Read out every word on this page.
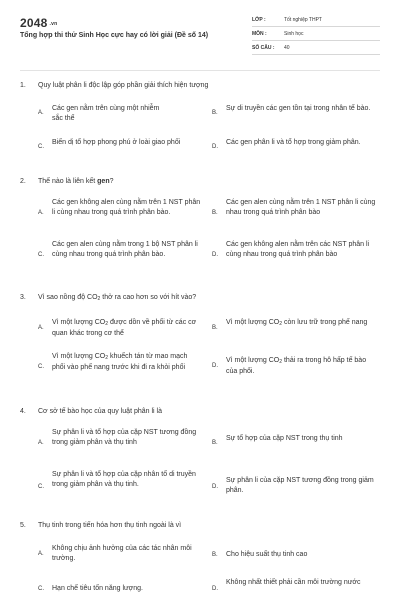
2048 .vn
Tổng hợp thi thử Sinh Học cực hay có lời giải (Đề số 14)
LỚP :	Tốt nghiệp THPT
MÔN :	Sinh học
SỐ CÂU : 40
1. Quy luật phân li độc lập góp phần giải thích hiện tượng
A.
Các gen nằm trên cùng một nhiễm sắc thể
B.
Sự di truyền các gen tồn tại trong nhân tế bào.
C.
Biến dị tổ hợp phong phú ở loài giao phối
D.
Các gen phân li và tổ hợp trong giảm phân.
2. Thế nào là liên kết gen?
A.
Các gen không alen cùng nằm trên 1 NST phân li cùng nhau trong quá trình phân bào.	B.
Các gen alen cùng nằm trên 1 NST phân li cùng nhau trong quá trình phân bào
C.
Các gen alen cùng nằm trong 1 bộ NST phân li cùng nhau trong quá trình phân bào.	D.
Các gen không alen nằm trên các NST phân li cùng nhau trong quá trình phân bào
3. Vì sao nồng độ $CO_2$ thở ra cao hơn so với hít vào?
A.
Vì một lượng $CO_2$ được dồn về phổi từ các cơ quan khác trong cơ thể
B.
Vì một lượng $CO_2$ còn lưu trữ trong phế nang
C.
Vì một lượng $CO_2$ khuếch tán từ mao mạch phổi vào phế nang trước khi đi ra khỏi phổi	D.
Vì một lượng $CO_2$ thải ra trong hô hấp tế bào của phổi.
4. Cơ sở tế bào học của quy luật phân li là
A.
Sự phân li và tổ hợp của cặp NST tương đồng trong giảm phân và thụ tinh	B.
Sự tổ hợp của cặp NST trong thụ tinh
C.
Sự phân li và tổ hợp của cặp nhân tố di truyền trong giảm phân và thụ tinh.	D.
Sự phân li của cặp NST tương đồng trong giảm phân.
5. Thụ tinh trong tiến hóa hơn thụ tinh ngoài là vì
A.
Không chịu ảnh hưởng của các tác nhân môi trường.	B.	Cho hiệu suất thụ tinh cao
C.	Hạn chế tiêu tốn năng lượng.	D.
Không nhất thiết phải cần môi trường nước
